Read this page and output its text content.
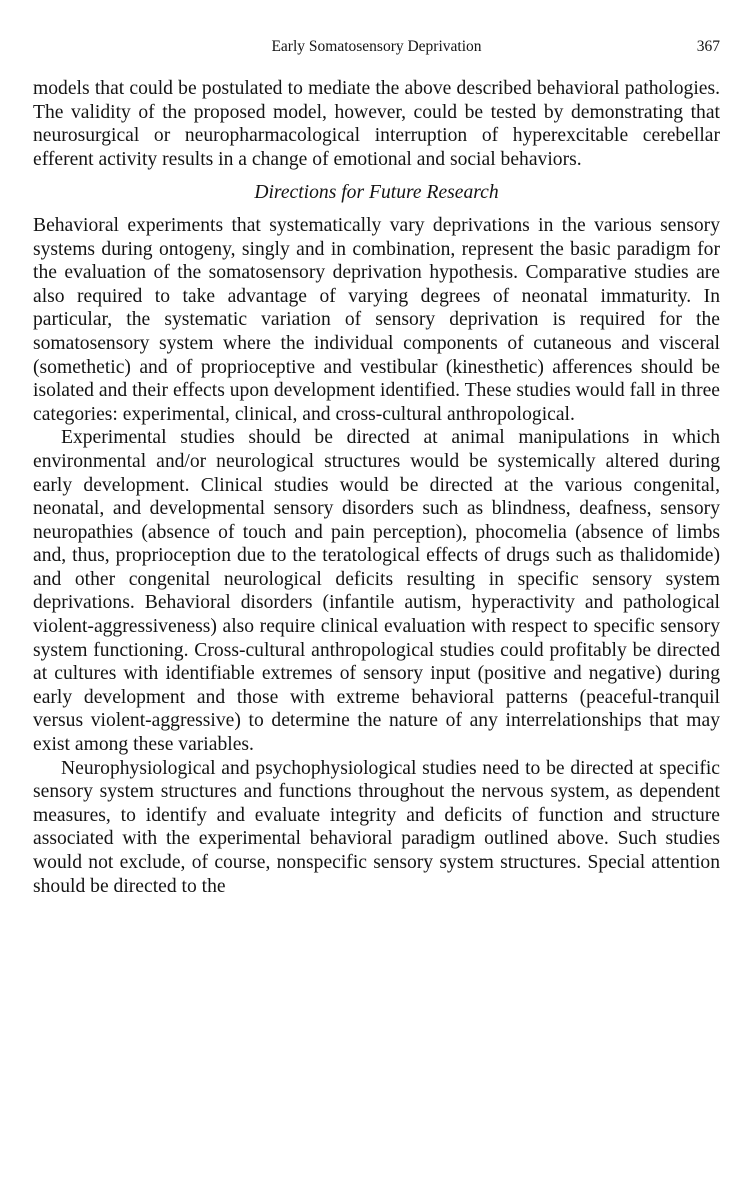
Early Somatosensory Deprivation	367

models that could be postulated to mediate the above described behavioral pathologies. The validity of the proposed model, however, could be tested by demonstrating that neurosurgical or neuropharmacological interruption of hyperexcitable cerebellar efferent activity results in a change of emotional and social behaviors.

Directions for Future Research

Behavioral experiments that systematically vary deprivations in the various sensory systems during ontogeny, singly and in combination, represent the basic paradigm for the evaluation of the somatosensory deprivation hypothesis. Comparative studies are also required to take advantage of varying degrees of neonatal immaturity. In particular, the systematic variation of sensory deprivation is required for the somatosensory system where the individual components of cutaneous and visceral (somethetic) and of proprioceptive and vestibular (kinesthetic) afferences should be isolated and their effects upon development identified. These studies would fall in three categories: experimental, clinical, and cross-cultural anthropological.

Experimental studies should be directed at animal manipulations in which environmental and/or neurological structures would be systemically altered during early development. Clinical studies would be directed at the various congenital, neonatal, and developmental sensory disorders such as blindness, deafness, sensory neuropathies (absence of touch and pain perception), phocomelia (absence of limbs and, thus, proprioception due to the teratological effects of drugs such as thalidomide) and other congenital neurological deficits resulting in specific sensory system deprivations. Behavioral disorders (infantile autism, hyperactivity and pathological violent-aggressiveness) also require clinical evaluation with respect to specific sensory system functioning. Cross-cultural anthropological studies could profitably be directed at cultures with identifiable extremes of sensory input (positive and negative) during early development and those with extreme behavioral patterns (peaceful-tranquil versus violent-aggressive) to determine the nature of any interrelationships that may exist among these variables.

Neurophysiological and psychophysiological studies need to be directed at specific sensory system structures and functions throughout the nervous system, as dependent measures, to identify and evaluate integrity and deficits of function and structure associated with the experimental behavioral paradigm outlined above. Such studies would not exclude, of course, nonspecific sensory system structures. Special attention should be directed to the
